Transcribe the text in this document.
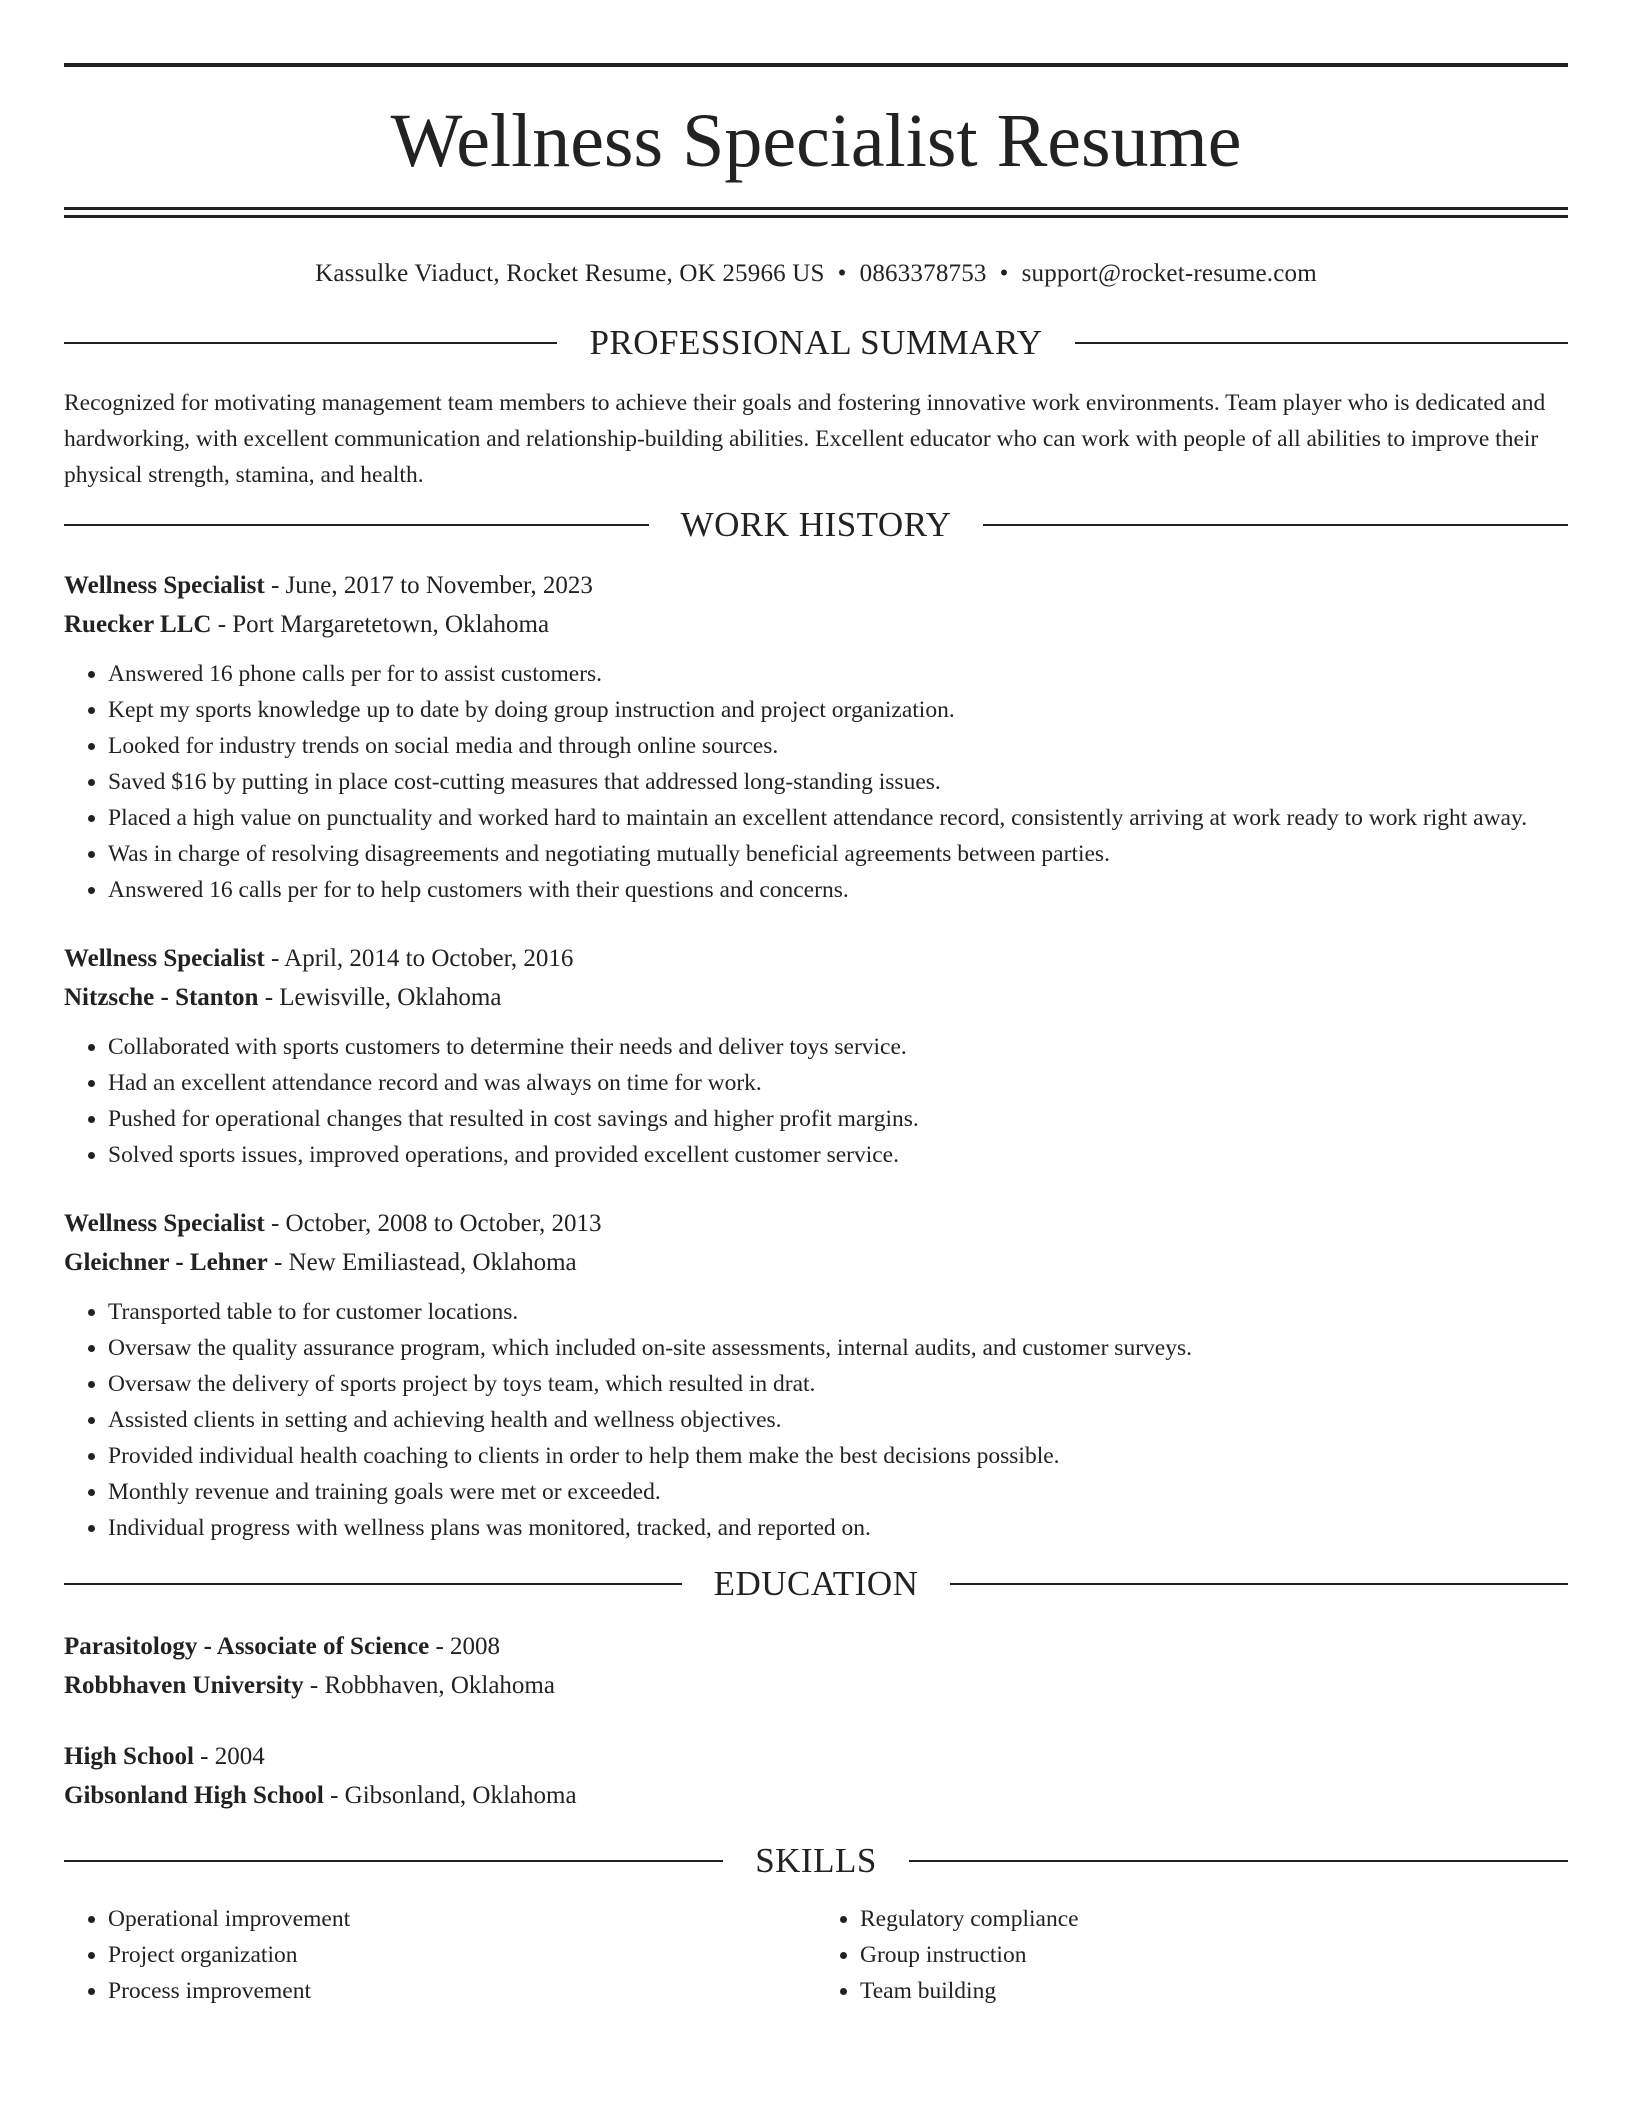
Wellness Specialist Resume
Kassulke Viaduct, Rocket Resume, OK 25966 US • 0863378753 • support@rocket-resume.com
PROFESSIONAL SUMMARY

Recognized for motivating management team members to achieve their goals and fostering innovative work environments. Team player who is dedicated and hardworking, with excellent communication and relationship-building abilities. Excellent educator who can work with people of all abilities to improve their physical strength, stamina, and health.

WORK HISTORY

Wellness Specialist - June, 2017 to November, 2023

Ruecker LLC - Port Margaretetown, Oklahoma

• Answered 16 phone calls per for to assist customers.
• Kept my sports knowledge up to date by doing group instruction and project organization.
• Looked for industry trends on social media and through online sources.
• Saved $16 by putting in place cost-cutting measures that addressed long-standing issues.
• Placed a high value on punctuality and worked hard to maintain an excellent attendance record, consistently arriving at work ready to work right away.
• Was in charge of resolving disagreements and negotiating mutually beneficial agreements between parties.
• Answered 16 calls per for to help customers with their questions and concerns.

Wellness Specialist - April, 2014 to October, 2016

Nitzsche - Stanton - Lewisville, Oklahoma

• Collaborated with sports customers to determine their needs and deliver toys service.
• Had an excellent attendance record and was always on time for work.
• Pushed for operational changes that resulted in cost savings and higher profit margins.
• Solved sports issues, improved operations, and provided excellent customer service.

Wellness Specialist - October, 2008 to October, 2013

Gleichner - Lehner - New Emiliastead, Oklahoma

• Transported table to for customer locations.
• Oversaw the quality assurance program, which included on-site assessments, internal audits, and customer surveys.
• Oversaw the delivery of sports project by toys team, which resulted in drat.
• Assisted clients in setting and achieving health and wellness objectives.
• Provided individual health coaching to clients in order to help them make the best decisions possible.
• Monthly revenue and training goals were met or exceeded.
• Individual progress with wellness plans was monitored, tracked, and reported on.
EDUCATION

Parasitology - Associate of Science - 2008

Robbhaven University - Robbhaven, Oklahoma

High School - 2004

Gibsonland High School - Gibsonland, Oklahoma

SKILLS
• Operational improvement
• Project organization
• Process improvement
• Regulatory compliance
• Group instruction
• Team building
